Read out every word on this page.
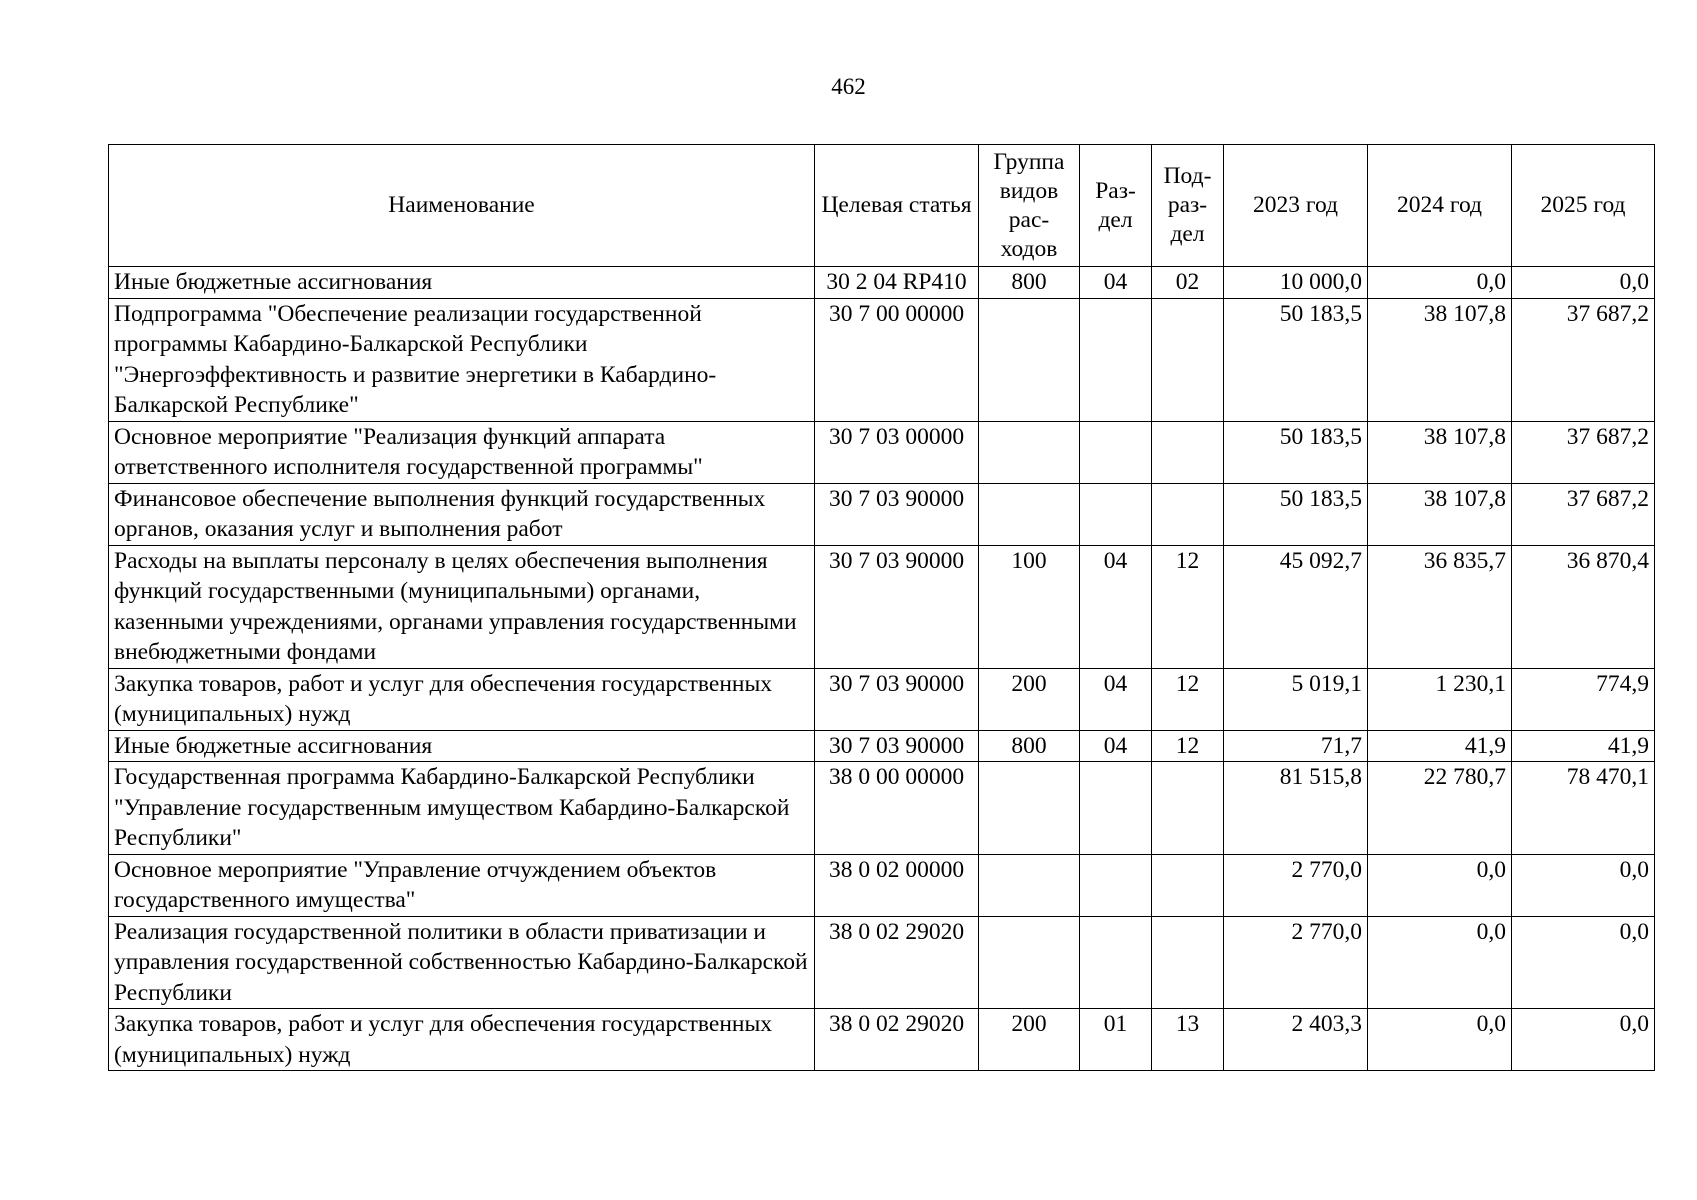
462
Наименование	Целевая статья	Группа видов рас-ходов	Раз-дел	Под-раз-дел	2023 год	2024 год	2025 год
Иные бюджетные ассигнования	30 2 04 RP410	800	04	02	10 000,0	0,0	0,0
Подпрограмма "Обеспечение реализации государственной программы Кабардино-Балкарской Республики "Энергоэффективность и развитие энергетики в Кабардино-Балкарской Республике"	30 7 00 00000				50 183,5	38 107,8	37 687,2
Основное мероприятие "Реализация функций аппарата ответственного исполнителя государственной программы"	30 7 03 00000				50 183,5	38 107,8	37 687,2
Финансовое обеспечение выполнения функций государственных органов, оказания услуг и выполнения работ	30 7 03 90000				50 183,5	38 107,8	37 687,2
Расходы на выплаты персоналу в целях обеспечения выполнения функций государственными (муниципальными) органами, казенными учреждениями, органами управления государственными внебюджетными фондами	30 7 03 90000	100	04	12	45 092,7	36 835,7	36 870,4
Закупка товаров, работ и услуг для обеспечения государственных (муниципальных) нужд	30 7 03 90000	200	04	12	5 019,1	1 230,1	774,9
Иные бюджетные ассигнования	30 7 03 90000	800	04	12	71,7	41,9	41,9
Государственная программа Кабардино-Балкарской Республики "Управление государственным имуществом Кабардино-Балкарской Республики"	38 0 00 00000				81 515,8	22 780,7	78 470,1
Основное мероприятие "Управление отчуждением объектов государственного имущества"	38 0 02 00000				2 770,0	0,0	0,0
Реализация государственной политики в области приватизации и управления государственной собственностью Кабардино-Балкарской Республики	38 0 02 29020				2 770,0	0,0	0,0
Закупка товаров, работ и услуг для обеспечения государственных (муниципальных) нужд	38 0 02 29020	200	01	13	2 403,3	0,0	0,0
